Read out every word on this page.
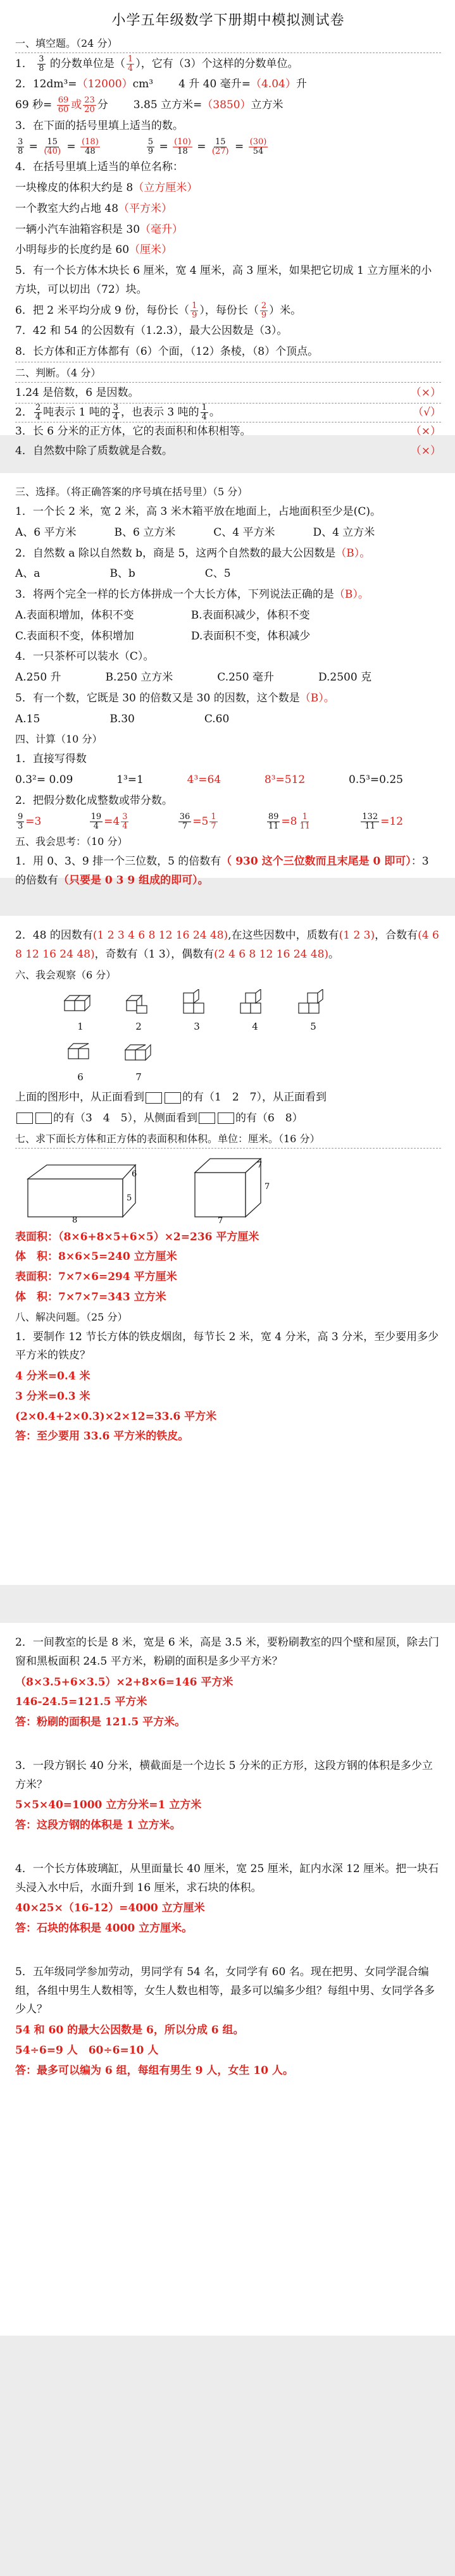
小学五年级数学下册期中模拟测试卷
一、填空题。（24 分）
1． $\frac{3}{8}$ 的分数单位是（ $\frac{1}{4}$ ），它有（3）个这样的分数单位。
2．12dm³=（12000）cm³ 4 升 40 毫升=（4.04）升
69 秒= $\frac{69}{60}$ 或 $\frac{23}{20}$ 分 3.85 立方米=（3850）立方米
3．在下面的括号里填上适当的数。
$\frac{3}{8} = \frac{15}{(40)} = \frac{(18)}{48}$	$\frac{5}{9} = \frac{(10)}{18} = \frac{15}{(27)} = \frac{(30)}{54}$
4．在括号里填上适当的单位名称：
一块橡皮的体积大约是 8（立方厘米）
一个教室大约占地 48（平方米）
一辆小汽车油箱容积是 30（毫升）
小明每步的长度约是 60（厘米）
5．有一个长方体木块长 6 厘米，宽 4 厘米，高 3 厘米，如果把它切成 1 立方厘米的小方块，可以切出（72）块。
6．把 2 米平均分成 9 份，每份长（ $\frac{1}{9}$ ），每份长（ $\frac{2}{9}$ ）米。
7．42 和 54 的公因数有（1.2.3），最大公因数是（3）。
8．长方体和正方体都有（6）个面，（12）条棱，（8）个顶点。
二、判断。（4 分）
1.24 是倍数，6 是因数。	（×）
2． $\frac{2}{4}$ 吨表示 1 吨的 $\frac{3}{4}$ ，也表示 3 吨的 $\frac{1}{4}$ 。	（√）
3．长 6 分米的正方体，它的表面积和体积相等。	（×）
4．自然数中除了质数就是合数。	（×）
三、选择。（将正确答案的序号填在括号里）（5 分）
1．一个长 2 米，宽 2 米，高 3 米木箱平放在地面上，占地面积至少是(C)。
A、6 平方米	B、6 立方米	C、4 平方米	D、4 立方米
2．自然数 a 除以自然数 b，商是 5，这两个自然数的最大公因数是（B）。
A、a	B、b	C、5
3．将两个完全一样的长方体拼成一个大长方体，下列说法正确的是（B）。
A.表面积增加，体积不变	B.表面积减少，体积不变
C.表面积不变，体积增加	D.表面积不变，体积减少
4．一只茶杯可以装水（C）。
A.250 升	B.250 立方米	C.250 毫升	D.2500 克
5．有一个数，它既是 30 的倍数又是 30 的因数，这个数是（B）。
A.15	B.30	C.60
四、计算（10 分）
1．直接写得数
0.3²= 0.09	1³=1	4³=64	8³=512	0.5³=0.25
2．把假分数化成整数或带分数。
$\frac{9}{3} =3$	$\frac{19}{4} =4 \frac{3}{4}$	$\frac{36}{7} =5 \frac{1}{7}$	$\frac{89}{11} =8 \frac{1}{11}$	$\frac{132}{11} =12$
五、我会思考：（10 分）
1．用 0、3、9 排一个三位数，5 的倍数有（ 930 这个三位数而且末尾是 0 即可）：3 的倍数有（只要是 0 3 9 组成的即可）。
2．48 的因数有(1 2 3 4 6 8 12 16 24 48),在这些因数中，质数有(1 2 3)，合数有(4 6 8 12 16 24 48)，奇数有（1 3），偶数有(2 4 6 8 12 16 24 48)。
六、我会观察（6 分）
1	2	3	4	5
6	7
上面的图形中，从正面看到	的有（1　2　7），从正面看到
的有（3　4　5），从侧面看到	的有（6　8）
七、求下面长方体和正方体的表面积和体积。单位：厘米。（16 分）
8
5
6
7
7
7
表面积：（8×6+8×5+6×5）×2=236 平方厘米
体　积：8×6×5=240 立方厘米
表面积：7×7×6=294 平方厘米
体　积：7×7×7=343 立方米
八、解决问题。（25 分）
1．要制作 12 节长方体的铁皮烟囱，每节长 2 米，宽 4 分米，高 3 分米，至少要用多少平方米的铁皮？
4 分米=0.4 米
3 分米=0.3 米
(2×0.4+2×0.3)×2×12=33.6 平方米
答：至少要用 33.6 平方米的铁皮。
2．一间教室的长是 8 米，宽是 6 米，高是 3.5 米，要粉刷教室的四个壁和屋顶，除去门窗和黑板面积 24.5 平方米，粉刷的面积是多少平方米？
（8×3.5+6×3.5）×2+8×6=146 平方米
146-24.5=121.5 平方米
答：粉刷的面积是 121.5 平方米。
3．一段方钢长 40 分米，横截面是一个边长 5 分米的正方形，这段方钢的体积是多少立方米？
5×5×40=1000 立方分米=1 立方米
答：这段方钢的体积是 1 立方米。
4．一个长方体玻璃缸，从里面量长 40 厘米，宽 25 厘米，缸内水深 12 厘米。把一块石头浸入水中后，水面升到 16 厘米，求石块的体积。
40×25×（16-12）=4000 立方厘米
答：石块的体积是 4000 立方厘米。
5．五年级同学参加劳动，男同学有 54 名，女同学有 60 名。现在把男、女同学混合编组，各组中男生人数相等，女生人数也相等，最多可以编多少组？每组中男、女同学各多少人？
54 和 60 的最大公因数是 6，所以分成 6 组。
54÷6=9 人　60÷6=10 人
答：最多可以编为 6 组，每组有男生 9 人，女生 10 人。
